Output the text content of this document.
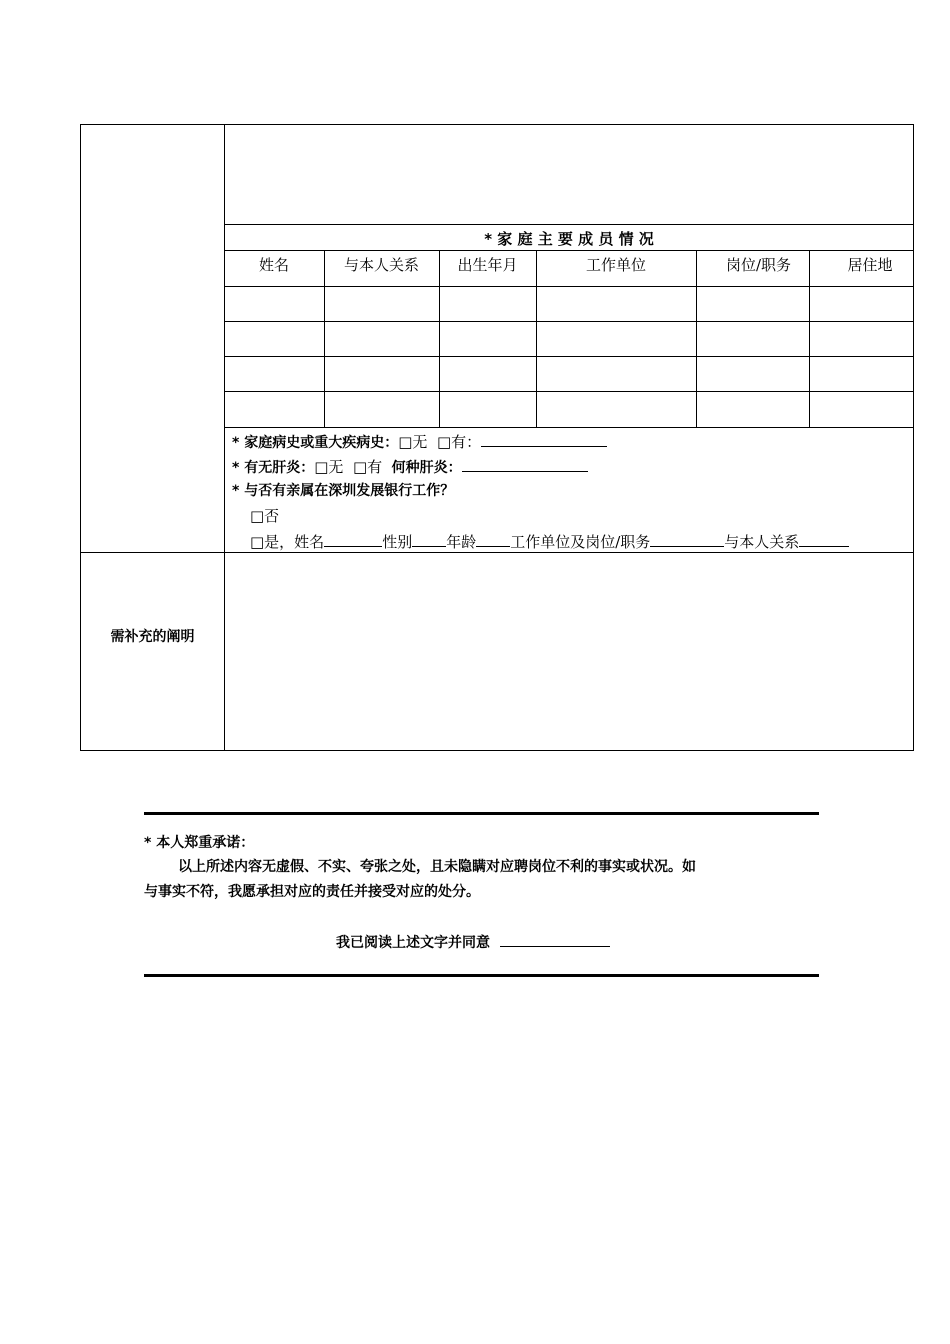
* 家 庭 主 要 成 员 情 况
姓名	与本人关系	出生年月	工作单位	岗位/职务	居住地
* 家庭病史或重大疾病史：□无 □有：
* 有无肝炎：□无 □有 何种肝炎：
* 与否有亲属在深圳发展银行工作？
□否
□是，姓名	性别 年龄 工作单位及岗位/职务	与本人关系
需补充的阐明
* 本人郑重承诺：
以上所述内容无虚假、不实、夸张之处，且未隐瞒对应聘岗位不利的事实或状况。如
与事实不符，我愿承担对应的责任并接受对应的处分。
我已阅读上述文字并同意
